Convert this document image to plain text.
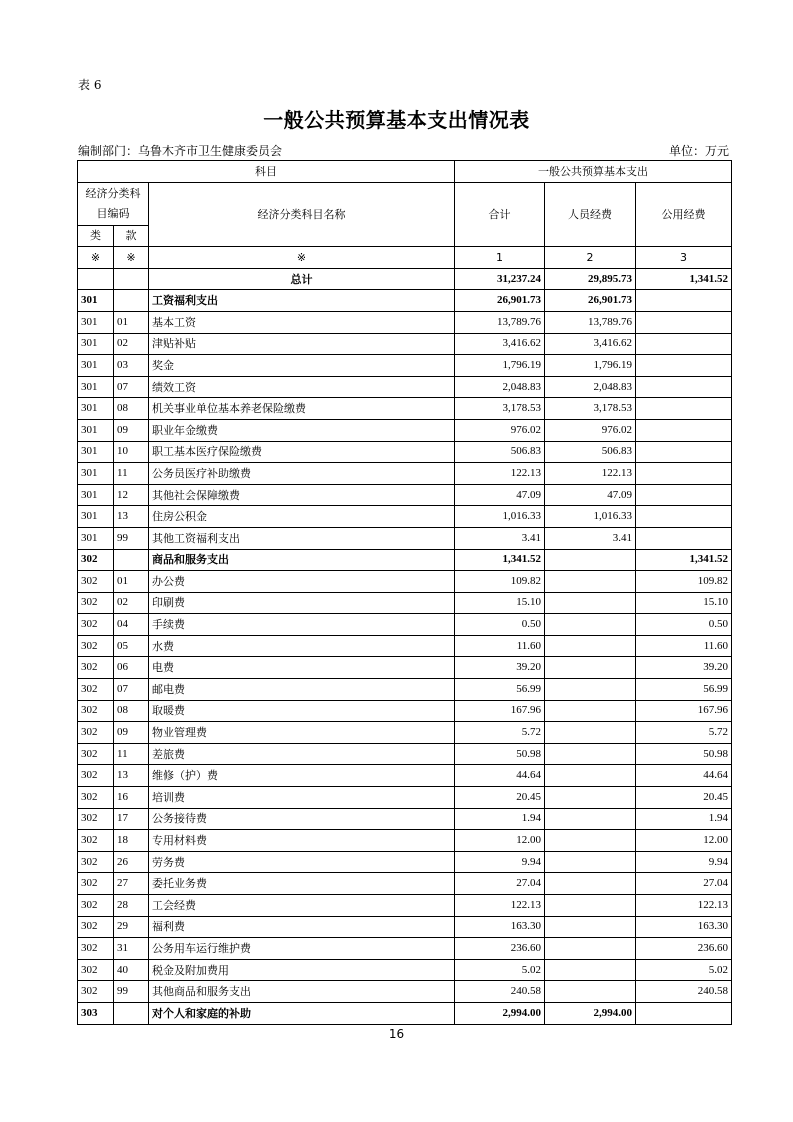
表 6
一般公共预算基本支出情况表
编制部门：乌鲁木齐市卫生健康委员会	单位：万元
科目			一般公共预算基本支出		
经济分类科目编码		经济分类科目名称	合计	人员经费	公用经费
类	款				
※	※	※	1	2	3
		总计	31,237.24	29,895.73	1,341.52
301		工资福利支出	26,901.73	26,901.73	
301	01	基本工资	13,789.76	13,789.76	
301	02	津贴补贴	3,416.62	3,416.62	
301	03	奖金	1,796.19	1,796.19	
301	07	绩效工资	2,048.83	2,048.83	
301	08	机关事业单位基本养老保险缴费	3,178.53	3,178.53	
301	09	职业年金缴费	976.02	976.02	
301	10	职工基本医疗保险缴费	506.83	506.83	
301	11	公务员医疗补助缴费	122.13	122.13	
301	12	其他社会保障缴费	47.09	47.09	
301	13	住房公积金	1,016.33	1,016.33	
301	99	其他工资福利支出	3.41	3.41	
302		商品和服务支出	1,341.52		1,341.52
302	01	办公费	109.82		109.82
302	02	印刷费	15.10		15.10
302	04	手续费	0.50		0.50
302	05	水费	11.60		11.60
302	06	电费	39.20		39.20
302	07	邮电费	56.99		56.99
302	08	取暖费	167.96		167.96
302	09	物业管理费	5.72		5.72
302	11	差旅费	50.98		50.98
302	13	维修（护）费	44.64		44.64
302	16	培训费	20.45		20.45
302	17	公务接待费	1.94		1.94
302	18	专用材料费	12.00		12.00
302	26	劳务费	9.94		9.94
302	27	委托业务费	27.04		27.04
302	28	工会经费	122.13		122.13
302	29	福利费	163.30		163.30
302	31	公务用车运行维护费	236.60		236.60
302	40	税金及附加费用	5.02		5.02
302	99	其他商品和服务支出	240.58		240.58
303		对个人和家庭的补助	2,994.00	2,994.00	
16
